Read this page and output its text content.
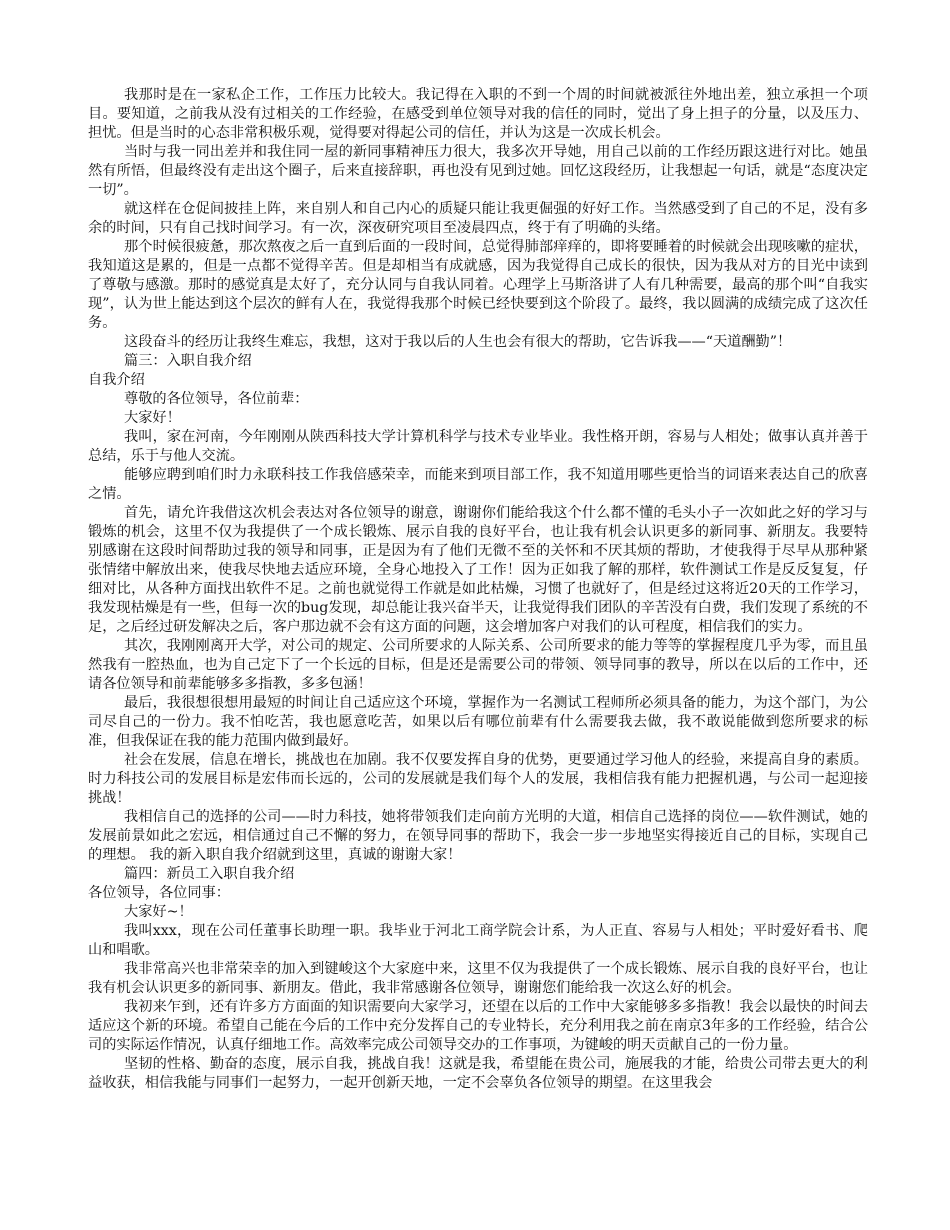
我那时是在一家私企工作，工作压力比较大。我记得在入职的不到一个周的时间就被派往外地出差，独立承担一个项目。要知道，之前我从没有过相关的工作经验，在感受到单位领导对我的信任的同时，觉出了身上担子的分量，以及压力、担忧。但是当时的心态非常积极乐观，觉得要对得起公司的信任，并认为这是一次成长机会。

当时与我一同出差并和我住同一屋的新同事精神压力很大，我多次开导她，用自己以前的工作经历跟这进行对比。她虽然有所悟，但最终没有走出这个圈子，后来直接辞职，再也没有见到过她。回忆这段经历，让我想起一句话，就是“态度决定一切”。

就这样在仓促间披挂上阵，来自别人和自己内心的质疑只能让我更倔强的好好工作。当然感受到了自己的不足，没有多余的时间，只有自己找时间学习。有一次，深夜研究项目至凌晨四点，终于有了明确的头绪。

那个时候很疲惫，那次熬夜之后一直到后面的一段时间，总觉得肺部痒痒的，即将要睡着的时候就会出现咳嗽的症状，我知道这是累的，但是一点都不觉得辛苦。但是却相当有成就感，因为我觉得自己成长的很快，因为我从对方的目光中读到了尊敬与感激。那时的感觉真是太好了，充分认同与自我认同着。心理学上马斯洛讲了人有几种需要，最高的那个叫“自我实现”，认为世上能达到这个层次的鲜有人在，我觉得我那个时候已经快要到这个阶段了。最终，我以圆满的成绩完成了这次任务。

这段奋斗的经历让我终生难忘，我想，这对于我以后的人生也会有很大的帮助，它告诉我——“天道酬勤”！

篇三：入职自我介绍

自我介绍

尊敬的各位领导，各位前辈：

大家好！

我叫，家在河南，今年刚刚从陕西科技大学计算机科学与技术专业毕业。我性格开朗，容易与人相处；做事认真并善于总结，乐于与他人交流。

能够应聘到咱们时力永联科技工作我倍感荣幸，而能来到项目部工作，我不知道用哪些更恰当的词语来表达自己的欣喜之情。

首先，请允许我借这次机会表达对各位领导的谢意，谢谢你们能给我这个什么都不懂的毛头小子一次如此之好的学习与锻炼的机会，这里不仅为我提供了一个成长锻炼、展示自我的良好平台，也让我有机会认识更多的新同事、新朋友。我要特别感谢在这段时间帮助过我的领导和同事，正是因为有了他们无微不至的关怀和不厌其烦的帮助，才使我得于尽早从那种紧张情绪中解放出来，使我尽快地去适应环境，全身心地投入了工作！因为正如我了解的那样，软件测试工作是反反复复，仔细对比，从各种方面找出软件不足。之前也就觉得工作就是如此枯燥，习惯了也就好了，但是经过这将近20天的工作学习，我发现枯燥是有一些，但每一次的bug发现，却总能让我兴奋半天，让我觉得我们团队的辛苦没有白费，我们发现了系统的不足，之后经过研发解决之后，客户那边就不会有这方面的问题，这会增加客户对我们的认可程度，相信我们的实力。

其次，我刚刚离开大学，对公司的规定、公司所要求的人际关系、公司所要求的能力等等的掌握程度几乎为零，而且虽然我有一腔热血，也为自己定下了一个长远的目标，但是还是需要公司的带领、领导同事的教导，所以在以后的工作中，还请各位领导和前辈能够多多指教，多多包涵！

最后，我很想很想用最短的时间让自己适应这个环境，掌握作为一名测试工程师所必须具备的能力，为这个部门，为公司尽自己的一份力。我不怕吃苦，我也愿意吃苦，如果以后有哪位前辈有什么需要我去做，我不敢说能做到您所要求的标准，但我保证在我的能力范围内做到最好。

社会在发展，信息在增长，挑战也在加剧。我不仅要发挥自身的优势，更要通过学习他人的经验，来提高自身的素质。时力科技公司的发展目标是宏伟而长远的，公司的发展就是我们每个人的发展，我相信我有能力把握机遇，与公司一起迎接挑战！

我相信自己的选择的公司——时力科技，她将带领我们走向前方光明的大道，相信自己选择的岗位——软件测试，她的发展前景如此之宏远，相信通过自己不懈的努力，在领导同事的帮助下，我会一步一步地坚实得接近自己的目标，实现自己的理想。 我的新入职自我介绍就到这里，真诚的谢谢大家！

篇四：新员工入职自我介绍

各位领导，各位同事：

大家好~！

我叫xxx，现在公司任董事长助理一职。我毕业于河北工商学院会计系，为人正直、容易与人相处；平时爱好看书、爬山和唱歌。

我非常高兴也非常荣幸的加入到键峻这个大家庭中来，这里不仅为我提供了一个成长锻炼、展示自我的良好平台，也让我有机会认识更多的新同事、新朋友。借此，我非常感谢各位领导，谢谢您们能给我一次这么好的机会。

我初来乍到，还有许多方方面面的知识需要向大家学习，还望在以后的工作中大家能够多多指教！我会以最快的时间去适应这个新的环境。希望自己能在今后的工作中充分发挥自己的专业特长，充分利用我之前在南京3年多的工作经验，结合公司的实际运作情况，认真仔细地工作。高效率完成公司领导交办的工作事项，为键峻的明天贡献自己的一份力量。

坚韧的性格、勤奋的态度，展示自我，挑战自我！这就是我，希望能在贵公司，施展我的才能，给贵公司带去更大的利益收获，相信我能与同事们一起努力，一起开创新天地，一定不会辜负各位领导的期望。在这里我会
